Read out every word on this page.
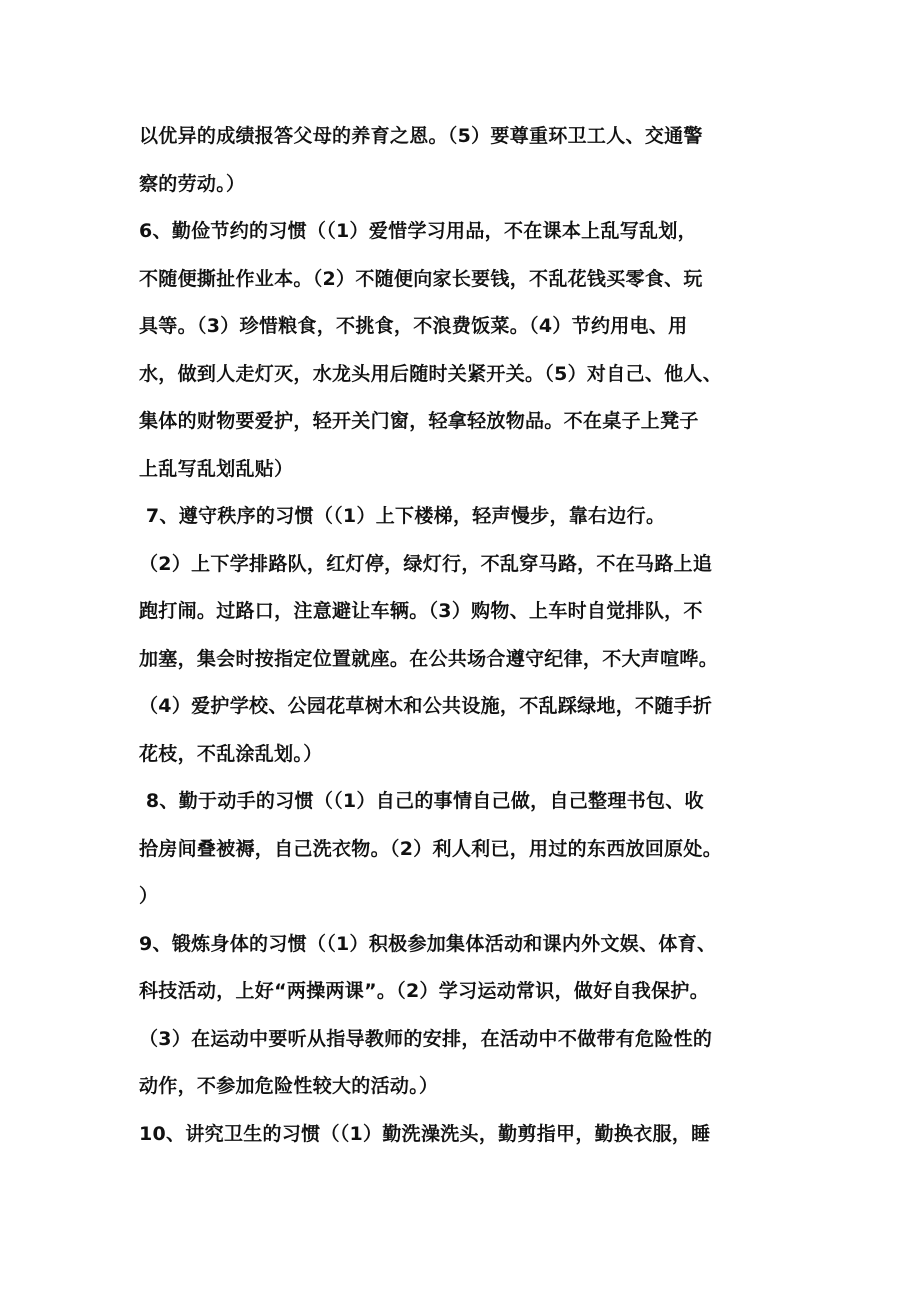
以优异的成绩报答父母的养育之恩。（5）要尊重环卫工人、交通警
察的劳动。）
6、勤俭节约的习惯（（1）爱惜学习用品，不在课本上乱写乱划，
不随便撕扯作业本。（2）不随便向家长要钱，不乱花钱买零食、玩
具等。（3）珍惜粮食，不挑食，不浪费饭菜。（4）节约用电、用
水，做到人走灯灭，水龙头用后随时关紧开关。（5）对自己、他人、
集体的财物要爱护，轻开关门窗，轻拿轻放物品。不在桌子上凳子
上乱写乱划乱贴）
7、遵守秩序的习惯（（1）上下楼梯，轻声慢步，靠右边行。
（2）上下学排路队，红灯停，绿灯行，不乱穿马路，不在马路上追
跑打闹。过路口，注意避让车辆。（3）购物、上车时自觉排队，不
加塞，集会时按指定位置就座。在公共场合遵守纪律，不大声喧哗。
（4）爱护学校、公园花草树木和公共设施，不乱踩绿地，不随手折
花枝，不乱涂乱划。）
8、勤于动手的习惯（（1）自己的事情自己做，自己整理书包、收
拾房间叠被褥，自己洗衣物。（2）利人利已，用过的东西放回原处。
）
9、锻炼身体的习惯（（1）积极参加集体活动和课内外文娱、体育、
科技活动，上好“两操两课”。（2）学习运动常识，做好自我保护。
（3）在运动中要听从指导教师的安排，在活动中不做带有危险性的
动作，不参加危险性较大的活动。）
10、讲究卫生的习惯（（1）勤洗澡洗头，勤剪指甲，勤换衣服，睡
